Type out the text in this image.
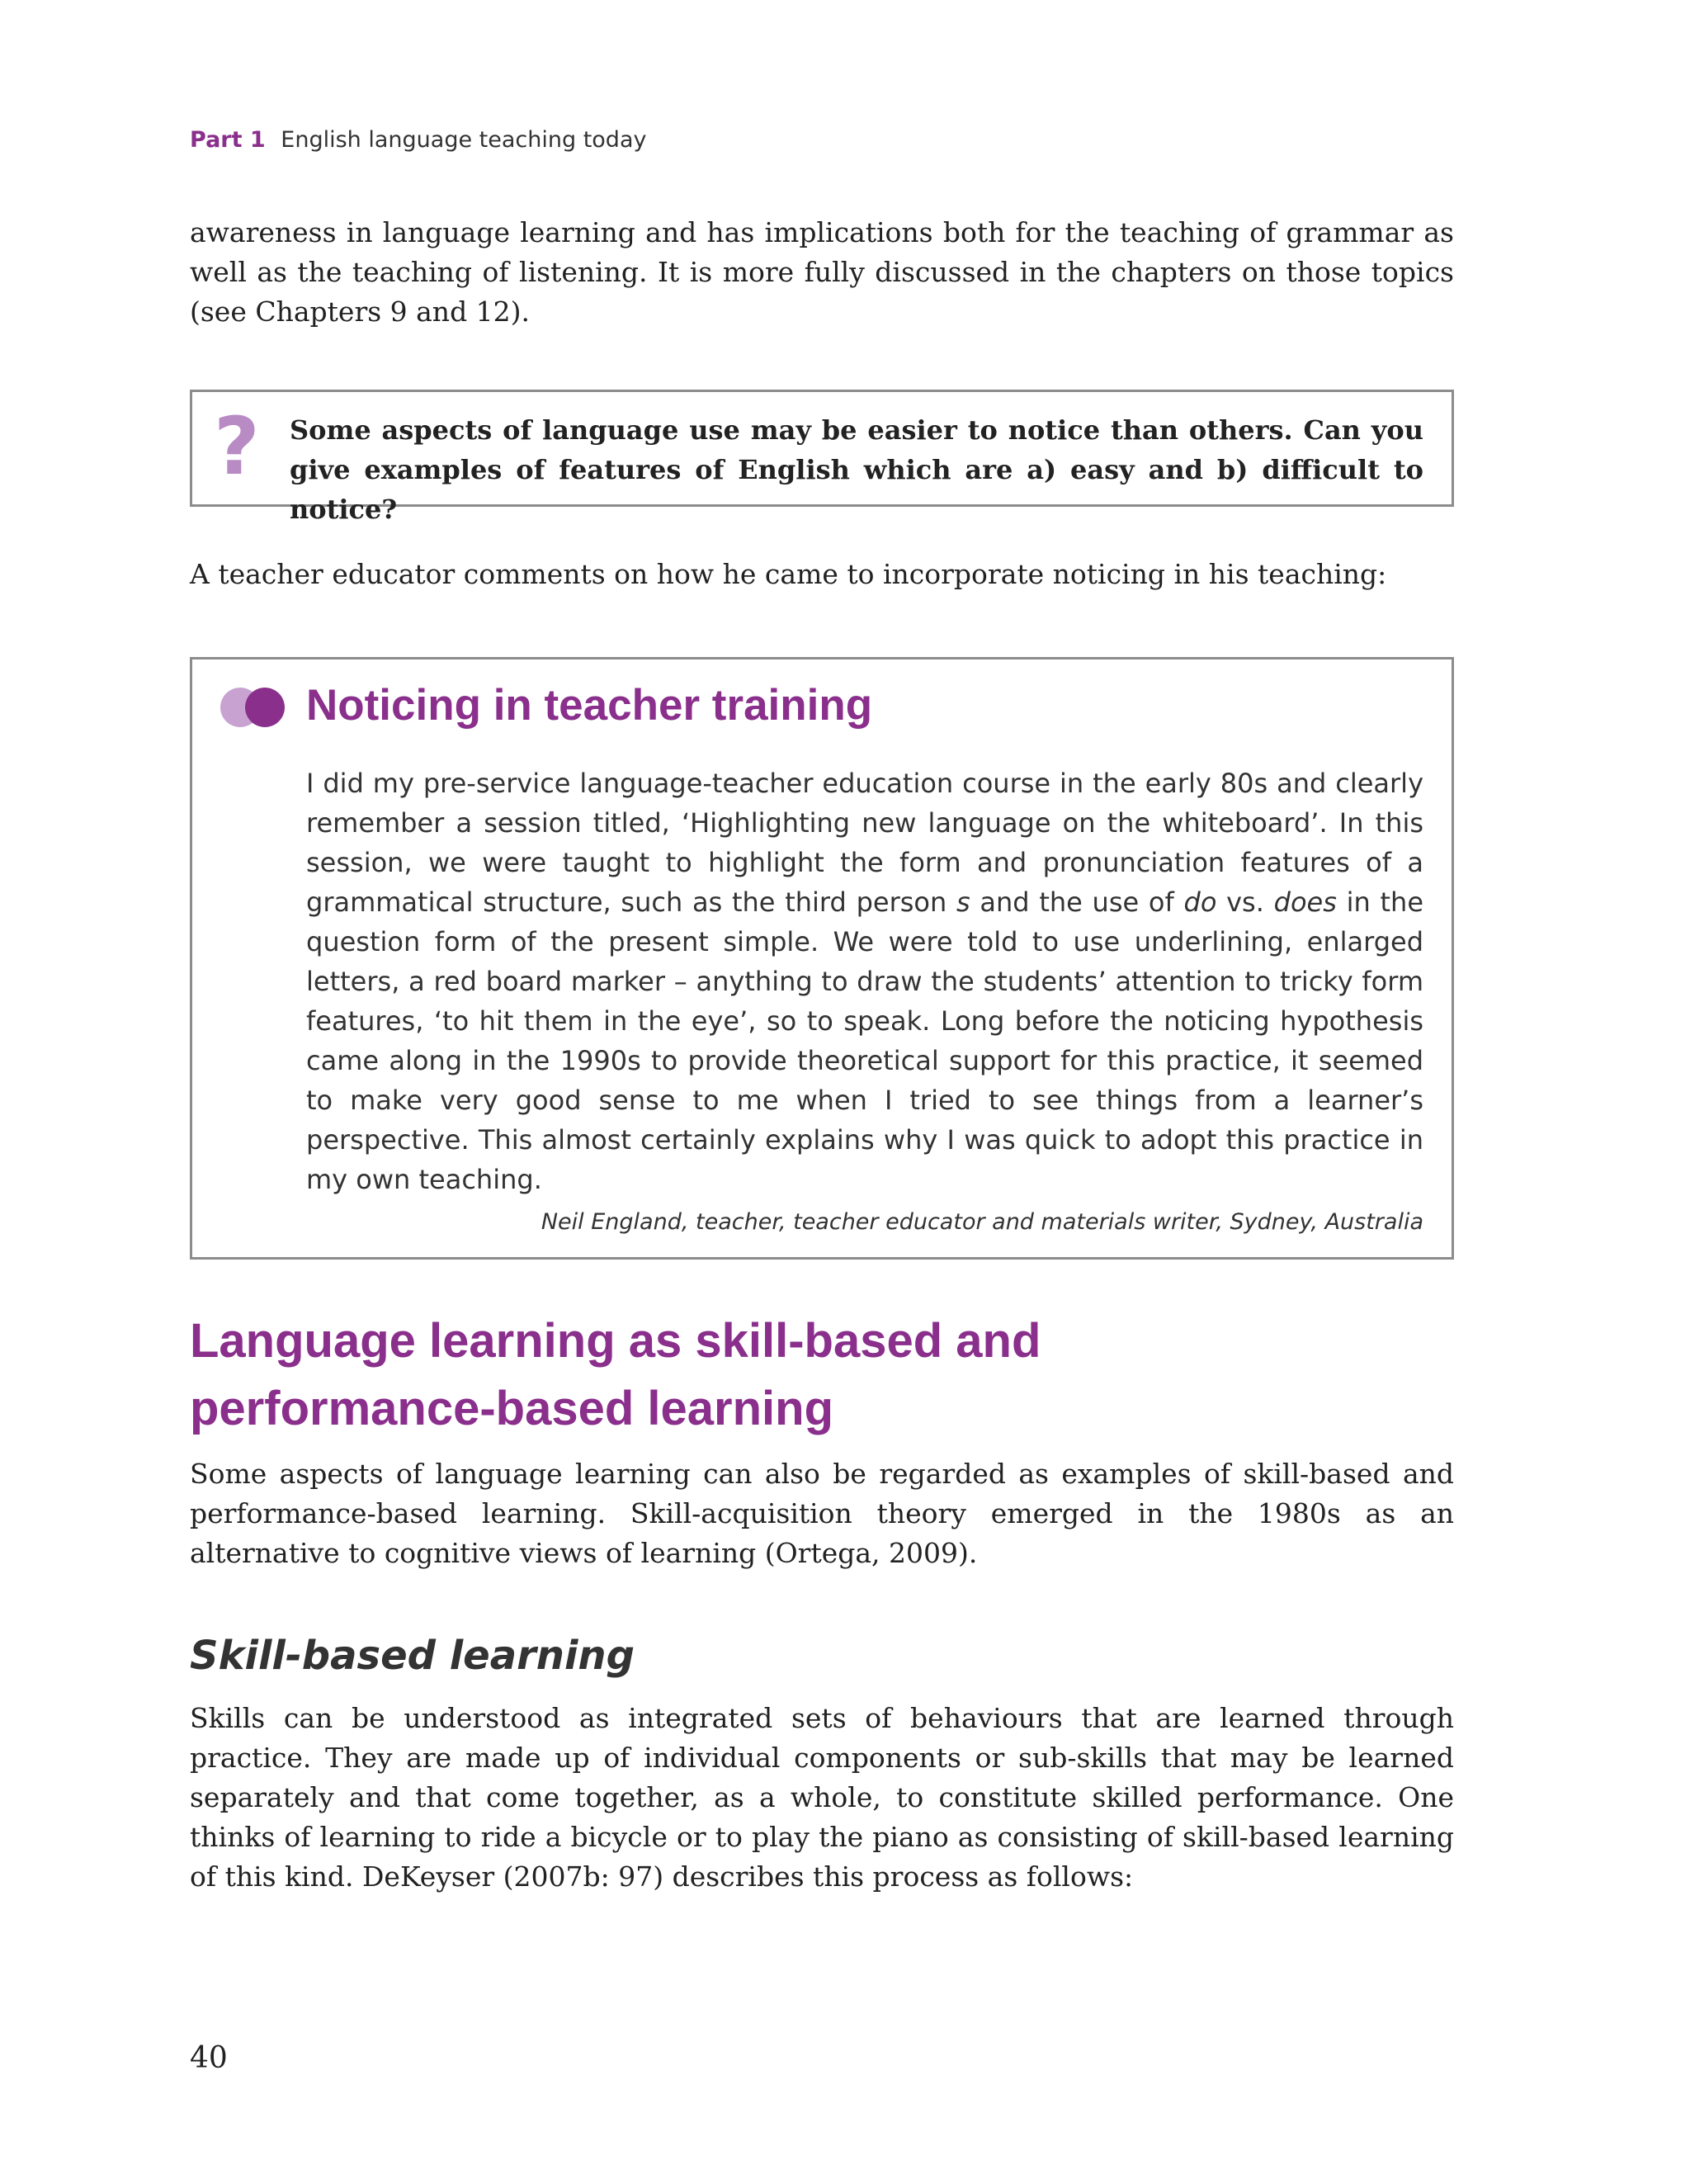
Part 1 English language teaching today

awareness in language learning and has implications both for the teaching of grammar as well as the teaching of listening. It is more fully discussed in the chapters on those topics (see Chapters 9 and 12).

? Some aspects of language use may be easier to notice than others. Can you give examples of features of English which are a) easy and b) difficult to notice?

A teacher educator comments on how he came to incorporate noticing in his teaching:

Noticing in teacher training

I did my pre-service language-teacher education course in the early 80s and clearly remember a session titled, ‘Highlighting new language on the whiteboard’. In this session, we were taught to highlight the form and pronunciation features of a grammatical structure, such as the third person s and the use of do vs. does in the question form of the present simple. We were told to use underlining, enlarged letters, a red board marker – anything to draw the students’ attention to tricky form features, ‘to hit them in the eye’, so to speak. Long before the noticing hypothesis came along in the 1990s to provide theoretical support for this practice, it seemed to make very good sense to me when I tried to see things from a learner’s perspective. This almost certainly explains why I was quick to adopt this practice in my own teaching.

Neil England, teacher, teacher educator and materials writer, Sydney, Australia

Language learning as skill-based and
performance-based learning

Some aspects of language learning can also be regarded as examples of skill-based and performance-based learning. Skill-acquisition theory emerged in the 1980s as an alternative to cognitive views of learning (Ortega, 2009).

Skill-based learning

Skills can be understood as integrated sets of behaviours that are learned through practice. They are made up of individual components or sub-skills that may be learned separately and that come together, as a whole, to constitute skilled performance. One thinks of learning to ride a bicycle or to play the piano as consisting of skill-based learning of this kind. DeKeyser (2007b: 97) describes this process as follows:

40
